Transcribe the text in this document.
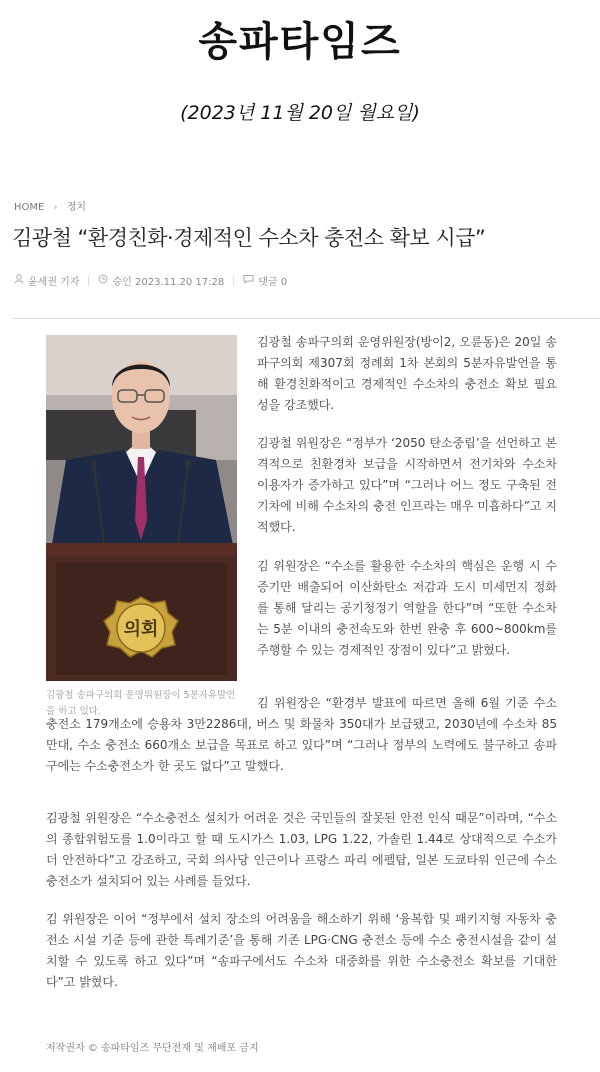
송파타임즈
(2023년 11월 20일 월요일)
HOME › 정치
김광철 “환경친화·경제적인 수소차 충전소 확보 시급”
윤세권 기자	승인 2023.11.20 17:28	댓글 0
의회
김광철 송파구의회 운영위원장이 5분자유발언을 하고 있다.

김광철 송파구의회 운영위원장(방이2, 오륜동)은 20일 송파구의회 제307회 정례회 1차 본회의 5분자유발언을 통해 환경친화적이고 경제적인 수소차의 충전소 확보 필요성을 강조했다.

김광철 위원장은 “정부가 ‘2050 탄소중립’을 선언하고 본격적으로 친환경차 보급을 시작하면서 전기차와 수소차 이용자가 증가하고 있다”며 “그러나 어느 정도 구축된 전기차에 비해 수소차의 충전 인프라는 매우 미흡하다”고 지적했다.

김 위원장은 “수소를 활용한 수소차의 핵심은 운행 시 수증기만 배출되어 이산화탄소 저감과 도시 미세먼지 정화를 통해 달리는 공기청정기 역할을 한다”며 “또한 수소차는 5분 이내의 충전속도와 한번 완충 후 600~800km를 주행할 수 있는 경제적인 장점이 있다”고 밝혔다.

김 위원장은 “환경부 발표에 따르면 올해 6월 기준 수소 충전소 179개소에 승용차 3만2286대, 버스 및 화물차 350대가 보급됐고, 2030년에 수소차 85만대, 수소 충전소 660개소 보급을 목표로 하고 있다”며 “그러나 정부의 노력에도 불구하고 송파구에는 수소충전소가 한 곳도 없다”고 말했다.

김광철 위원장은 “수소충전소 설치가 어려운 것은 국민들의 잘못된 안전 인식 때문”이라며, “수소의 종합위험도를 1.0이라고 할 때 도시가스 1.03, LPG 1.22, 가솔린 1.44로 상대적으로 수소가 더 안전하다”고 강조하고, 국회 의사당 인근이나 프랑스 파리 에펠탑, 일본 도쿄타워 인근에 수소충전소가 설치되어 있는 사례를 들었다.

김 위원장은 이어 “정부에서 설치 장소의 어려움을 해소하기 위해 ‘융복합 및 패키지형 자동차 충전소 시설 기준 등에 관한 특례기준’을 통해 기존 LPG·CNG 충전소 등에 수소 충전시설을 같이 설치할 수 있도록 하고 있다”며 “송파구에서도 수소차 대중화를 위한 수소충전소 확보를 기대한다”고 밝혔다.

저작권자 © 송파타임즈 무단전재 및 재배포 금지
